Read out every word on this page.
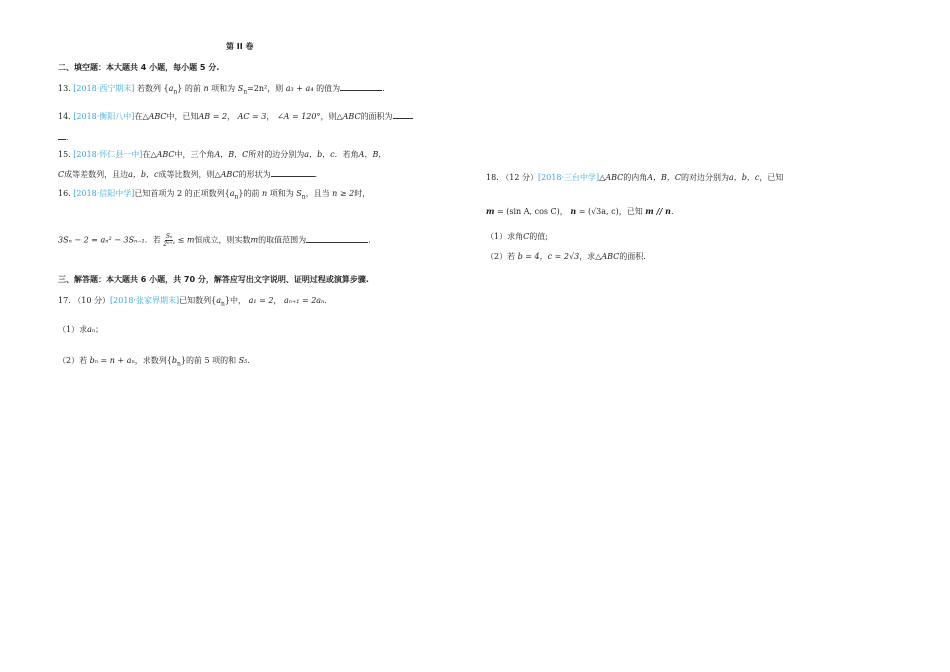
第 II 卷
二、填空题：本大题共 4 小题，每小题 5 分.
13. [2018·西宁期末] 若数列 $\{a_n\}$ 的前 n 项和为 $S_n=2n^2$，则 a₃ + a₄ 的值为	.
14. [2018·衡阳八中]在△ABC中，已知AB = 2， AC = 3， ∠A = 120°，则△ABC的面积为
.
15. [2018·怀仁县一中]在△ABC中，三个角A，B，C所对的边分别为a，b，c．若角A，B，
C成等差数列，且边a，b，c成等比数列，则△ABC的形状为	.
16. [2018·信阳中学]已知首项为 2 的正项数列$\{a_n\}$的前 n 项和为 $S_n$，且当 n ≥ 2时，
3Sₙ − 2 = aₙ² − 3Sₙ₋₁．若 $\frac{\text{Sₙ}}{\text{2ⁿ⁺¹}} \le m$恒成立，则实数m的取值范围为	.
三、解答题：本大题共 6 小题，共 70 分，解答应写出文字说明、证明过程或演算步骤.
17. （10 分）[2018·张家界期末]已知数列$\{a_n\}$中， a₁ = 2， aₙ₊₁ = 2aₙ.
（1）求aₙ；
（2）若 bₙ = n + aₙ，求数列$\{b_n\}$的前 5 项的和 S₅.
18. （12 分）[2018·三台中学]△ABC的内角A，B，C的对边分别为a，b，c，已知
m = (sin A, cos C)， n = (√3a, c)，已知 m // n.
（1）求角C的值;
（2）若 b = 4，c = 2√3，求△ABC的面积.
